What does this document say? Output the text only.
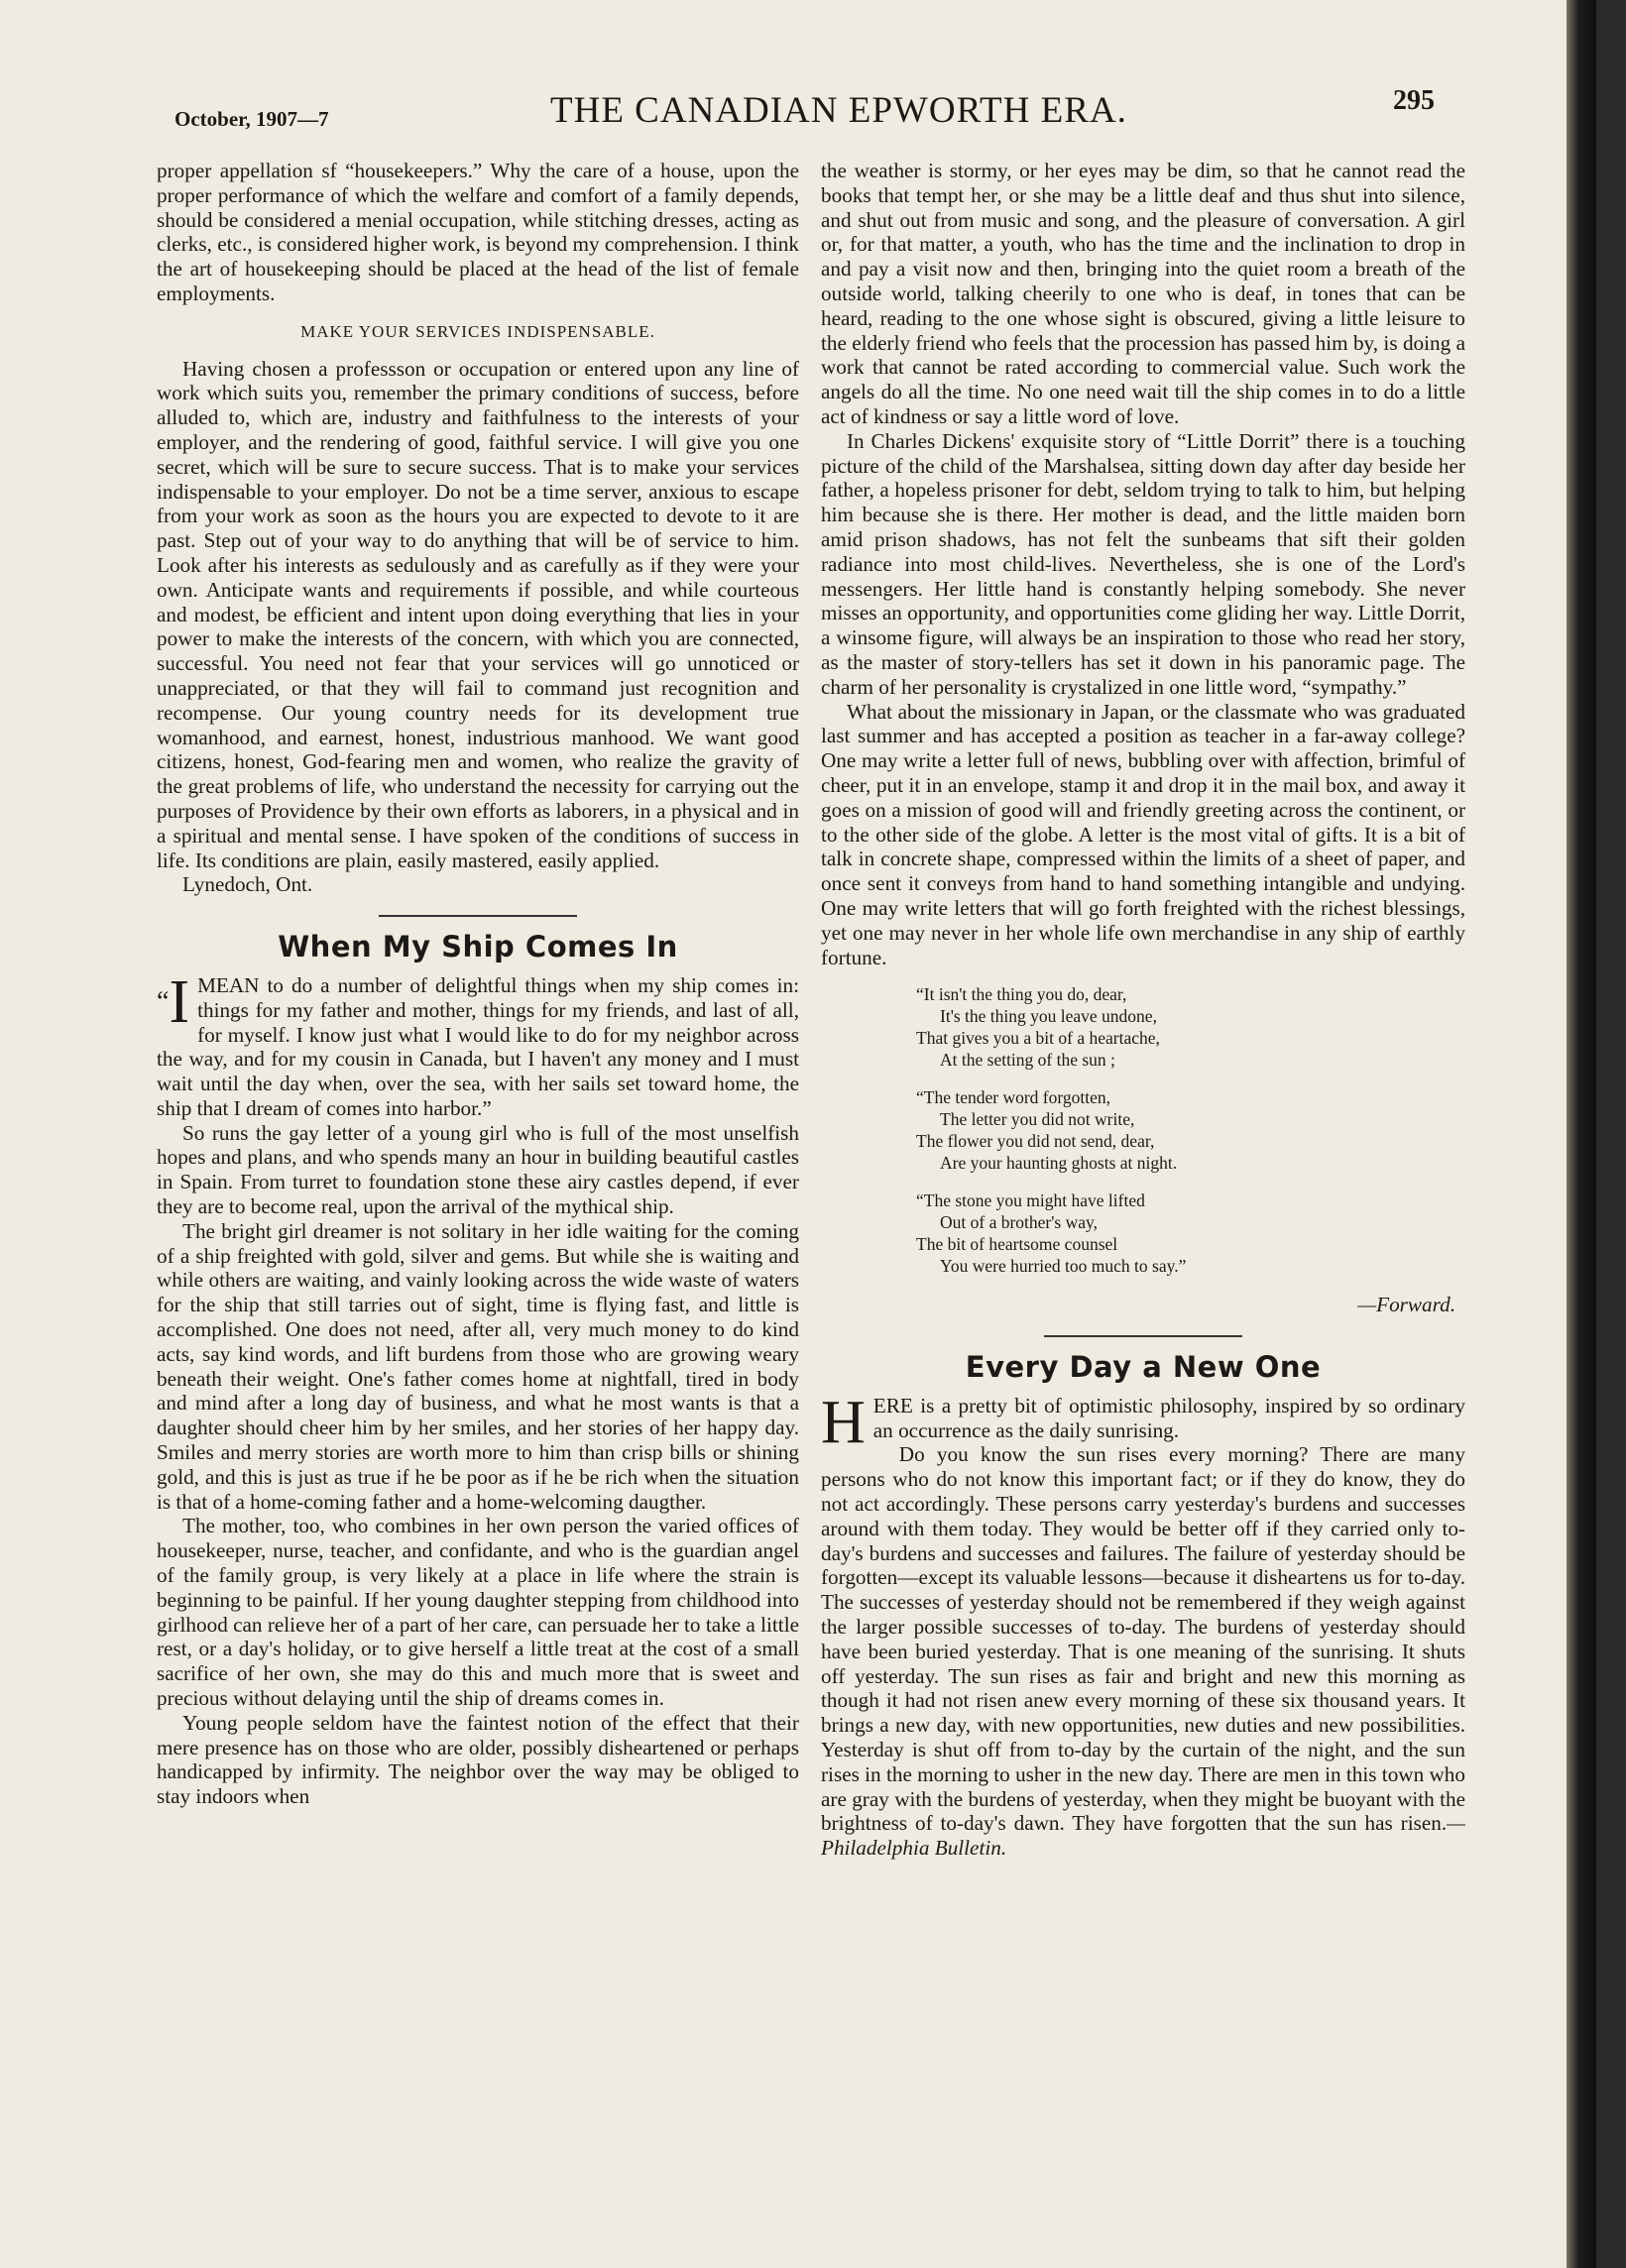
October, 1907—7	THE CANADIAN EPWORTH ERA.	295

proper appellation sf “housekeepers.” Why the care of a house, upon the proper performance of which the welfare and comfort of a family depends, should be considered a menial occupation, while stitching dresses, acting as clerks, etc., is considered higher work, is beyond my comprehension. I think the art of housekeeping should be placed at the head of the list of female employments.

MAKE YOUR SERVICES INDISPENSABLE.

Having chosen a professson or occupation or entered upon any line of work which suits you, remember the primary conditions of success, before alluded to, which are, industry and faithfulness to the interests of your employer, and the rendering of good, faithful service. I will give you one secret, which will be sure to secure success. That is to make your services indispensable to your employer. Do not be a time server, anxious to escape from your work as soon as the hours you are expected to devote to it are past. Step out of your way to do anything that will be of service to him. Look after his interests as sedulously and as carefully as if they were your own. Anticipate wants and requirements if possible, and while courteous and modest, be efficient and intent upon doing everything that lies in your power to make the interests of the concern, with which you are connected, successful. You need not fear that your services will go unnoticed or unappreciated, or that they will fail to command just recognition and recompense. Our young country needs for its development true womanhood, and earnest, honest, industrious manhood. We want good citizens, honest, God-fearing men and women, who realize the gravity of the great problems of life, who understand the necessity for carrying out the purposes of Providence by their own efforts as laborers, in a physical and in a spiritual and mental sense. I have spoken of the conditions of success in life. Its conditions are plain, easily mastered, easily applied.

Lynedoch, Ont.

When My Ship Comes In

“I MEAN to do a number of delightful things when my ship comes in: things for my father and mother, things for my friends, and last of all, for myself. I know just what I would like to do for my neighbor across the way, and for my cousin in Canada, but I haven't any money and I must wait until the day when, over the sea, with her sails set toward home, the ship that I dream of comes into harbor.”

So runs the gay letter of a young girl who is full of the most unselfish hopes and plans, and who spends many an hour in building beautiful castles in Spain. From turret to foundation stone these airy castles depend, if ever they are to become real, upon the arrival of the mythical ship.

The bright girl dreamer is not solitary in her idle waiting for the coming of a ship freighted with gold, silver and gems. But while she is waiting and while others are waiting, and vainly looking across the wide waste of waters for the ship that still tarries out of sight, time is flying fast, and little is accomplished. One does not need, after all, very much money to do kind acts, say kind words, and lift burdens from those who are growing weary beneath their weight. One's father comes home at nightfall, tired in body and mind after a long day of business, and what he most wants is that a daughter should cheer him by her smiles, and her stories of her happy day. Smiles and merry stories are worth more to him than crisp bills or shining gold, and this is just as true if he be poor as if he be rich when the situation is that of a home-coming father and a home-welcoming daugther.

The mother, too, who combines in her own person the varied offices of housekeeper, nurse, teacher, and confidante, and who is the guardian angel of the family group, is very likely at a place in life where the strain is beginning to be painful. If her young daughter stepping from childhood into girlhood can relieve her of a part of her care, can persuade her to take a little rest, or a day's holiday, or to give herself a little treat at the cost of a small sacrifice of her own, she may do this and much more that is sweet and precious without delaying until the ship of dreams comes in.

Young people seldom have the faintest notion of the effect that their mere presence has on those who are older, possibly disheartened or perhaps handicapped by infirmity. The neighbor over the way may be obliged to stay indoors when

the weather is stormy, or her eyes may be dim, so that he cannot read the books that tempt her, or she may be a little deaf and thus shut into silence, and shut out from music and song, and the pleasure of conversation. A girl or, for that matter, a youth, who has the time and the inclination to drop in and pay a visit now and then, bringing into the quiet room a breath of the outside world, talking cheerily to one who is deaf, in tones that can be heard, reading to the one whose sight is obscured, giving a little leisure to the elderly friend who feels that the procession has passed him by, is doing a work that cannot be rated according to commercial value. Such work the angels do all the time. No one need wait till the ship comes in to do a little act of kindness or say a little word of love.

In Charles Dickens' exquisite story of “Little Dorrit” there is a touching picture of the child of the Marshalsea, sitting down day after day beside her father, a hopeless prisoner for debt, seldom trying to talk to him, but helping him because she is there. Her mother is dead, and the little maiden born amid prison shadows, has not felt the sunbeams that sift their golden radiance into most child-lives. Nevertheless, she is one of the Lord's messengers. Her little hand is constantly helping somebody. She never misses an opportunity, and opportunities come gliding her way. Little Dorrit, a winsome figure, will always be an inspiration to those who read her story, as the master of story-tellers has set it down in his panoramic page. The charm of her personality is crystalized in one little word, “sympathy.”

What about the missionary in Japan, or the classmate who was graduated last summer and has accepted a position as teacher in a far-away college? One may write a letter full of news, bubbling over with affection, brimful of cheer, put it in an envelope, stamp it and drop it in the mail box, and away it goes on a mission of good will and friendly greeting across the continent, or to the other side of the globe. A letter is the most vital of gifts. It is a bit of talk in concrete shape, compressed within the limits of a sheet of paper, and once sent it conveys from hand to hand something intangible and undying. One may write letters that will go forth freighted with the richest blessings, yet one may never in her whole life own merchandise in any ship of earthly fortune.

“It isn't the thing you do, dear,
It's the thing you leave undone,
That gives you a bit of a heartache,
At the setting of the sun ;
“The tender word forgotten,
The letter you did not write,
The flower you did not send, dear,
Are your haunting ghosts at night.
“The stone you might have lifted
Out of a brother's way,
The bit of heartsome counsel
You were hurried too much to say.”

—Forward.

Every Day a New One

H ERE is a pretty bit of optimistic philosophy, inspired by so ordinary an occurrence as the daily sunrising.

Do you know the sun rises every morning? There are many persons who do not know this important fact; or if they do know, they do not act accordingly. These persons carry yesterday's burdens and successes around with them today. They would be better off if they carried only to-day's burdens and successes and failures. The failure of yesterday should be forgotten—except its valuable lessons—because it disheartens us for to-day. The successes of yesterday should not be remembered if they weigh against the larger possible successes of to-day. The burdens of yesterday should have been buried yesterday. That is one meaning of the sunrising. It shuts off yesterday. The sun rises as fair and bright and new this morning as though it had not risen anew every morning of these six thousand years. It brings a new day, with new opportunities, new duties and new possibilities. Yesterday is shut off from to-day by the curtain of the night, and the sun rises in the morning to usher in the new day. There are men in this town who are gray with the burdens of yesterday, when they might be buoyant with the brightness of to-day's dawn. They have forgotten that the sun has risen.—Philadelphia Bulletin.
